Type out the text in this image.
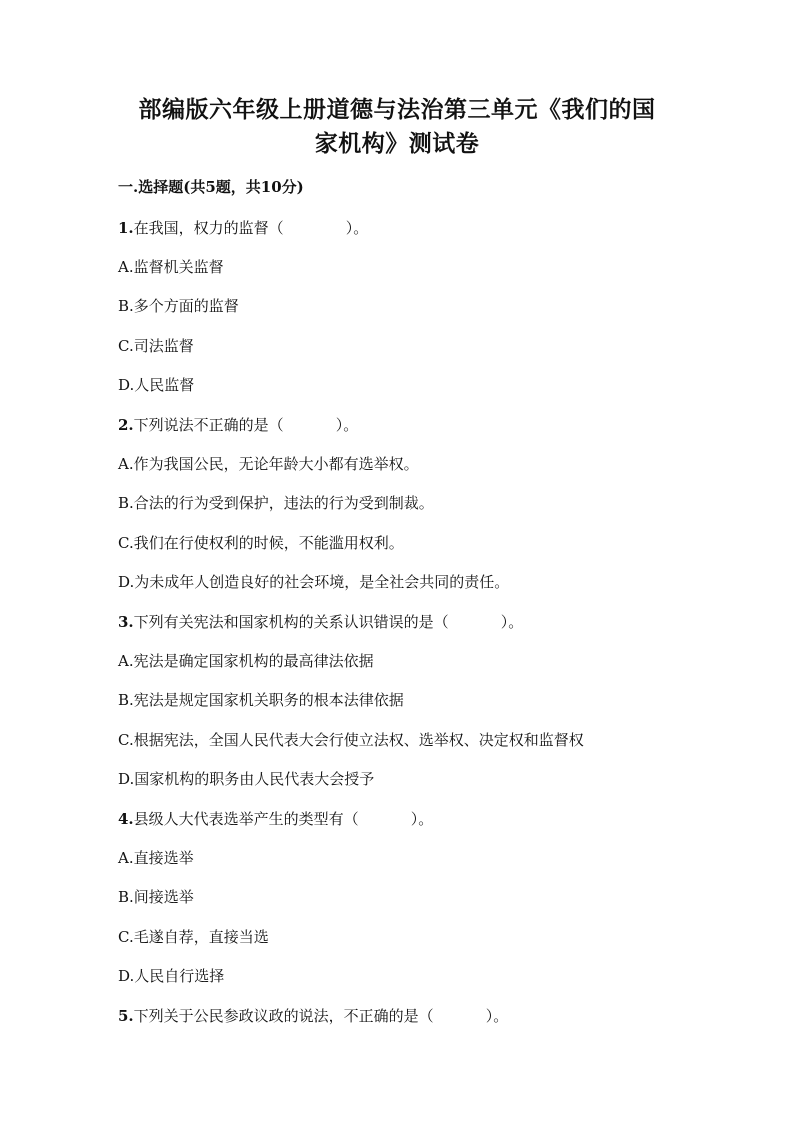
部编版六年级上册道德与法治第三单元《我们的国
家机构》测试卷
一.选择题(共5题，共10分)
1.在我国，权力的监督（	）。
A.监督机关监督
B.多个方面的监督
C.司法监督
D.人民监督
2.下列说法不正确的是（	）。
A.作为我国公民，无论年龄大小都有选举权。
B.合法的行为受到保护，违法的行为受到制裁。
C.我们在行使权利的时候，不能滥用权利。
D.为未成年人创造良好的社会环境，是全社会共同的责任。
3.下列有关宪法和国家机构的关系认识错误的是（	）。
A.宪法是确定国家机构的最高律法依据
B.宪法是规定国家机关职务的根本法律依据
C.根据宪法，全国人民代表大会行使立法权、选举权、决定权和监督权
D.国家机构的职务由人民代表大会授予
4.县级人大代表选举产生的类型有（	）。
A.直接选举
B.间接选举
C.毛遂自荐，直接当选
D.人民自行选择
5.下列关于公民参政议政的说法，不正确的是（	）。
